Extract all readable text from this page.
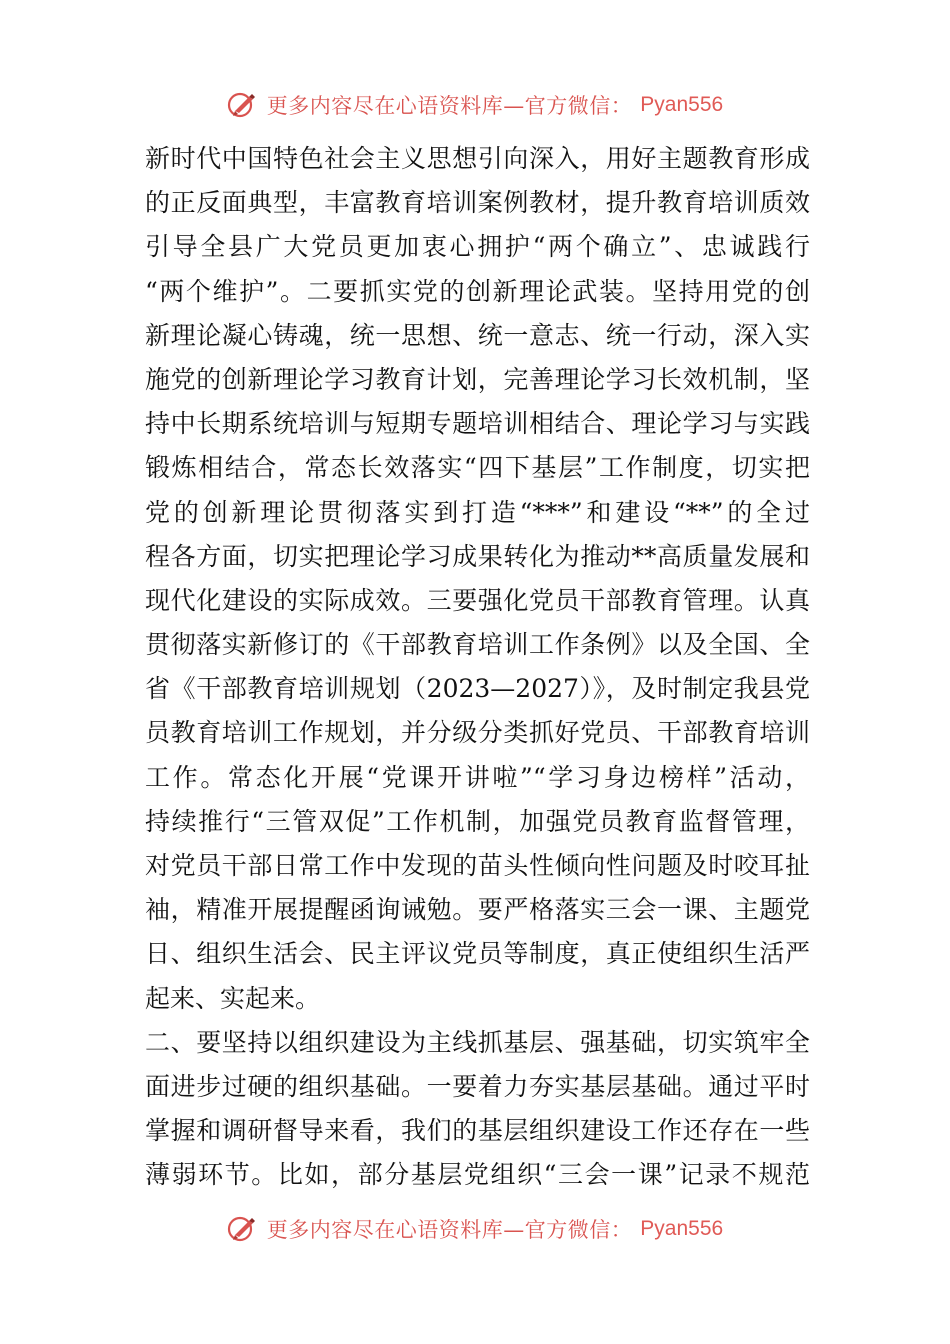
更多内容尽在心语资料库—官方微信： Pyan556
新时代中国特色社会主义思想引向深入，用好主题教育形成
的正反面典型，丰富教育培训案例教材，提升教育培训质效
引导全县广大党员更加衷心拥护“两个确立”、忠诚践行
“两个维护”。二要抓实党的创新理论武装。坚持用党的创
新理论凝心铸魂，统一思想、统一意志、统一行动，深入实
施党的创新理论学习教育计划，完善理论学习长效机制，坚
持中长期系统培训与短期专题培训相结合、理论学习与实践
锻炼相结合，常态长效落实“四下基层”工作制度，切实把
党的创新理论贯彻落实到打造“***”和建设“**”的全过
程各方面，切实把理论学习成果转化为推动**高质量发展和
现代化建设的实际成效。三要强化党员干部教育管理。认真
贯彻落实新修订的《干部教育培训工作条例》以及全国、全
省《干部教育培训规划（2023—2027）》，及时制定我县党
员教育培训工作规划，并分级分类抓好党员、干部教育培训
工作。常态化开展“党课开讲啦”“学习身边榜样”活动，
持续推行“三管双促”工作机制，加强党员教育监督管理，
对党员干部日常工作中发现的苗头性倾向性问题及时咬耳扯
袖，精准开展提醒函询诫勉。要严格落实三会一课、主题党
日、组织生活会、民主评议党员等制度，真正使组织生活严
起来、实起来。
二、要坚持以组织建设为主线抓基层、强基础，切实筑牢全
面进步过硬的组织基础。一要着力夯实基层基础。通过平时
掌握和调研督导来看，我们的基层组织建设工作还存在一些
薄弱环节。比如，部分基层党组织“三会一课”记录不规范
更多内容尽在心语资料库—官方微信： Pyan556
